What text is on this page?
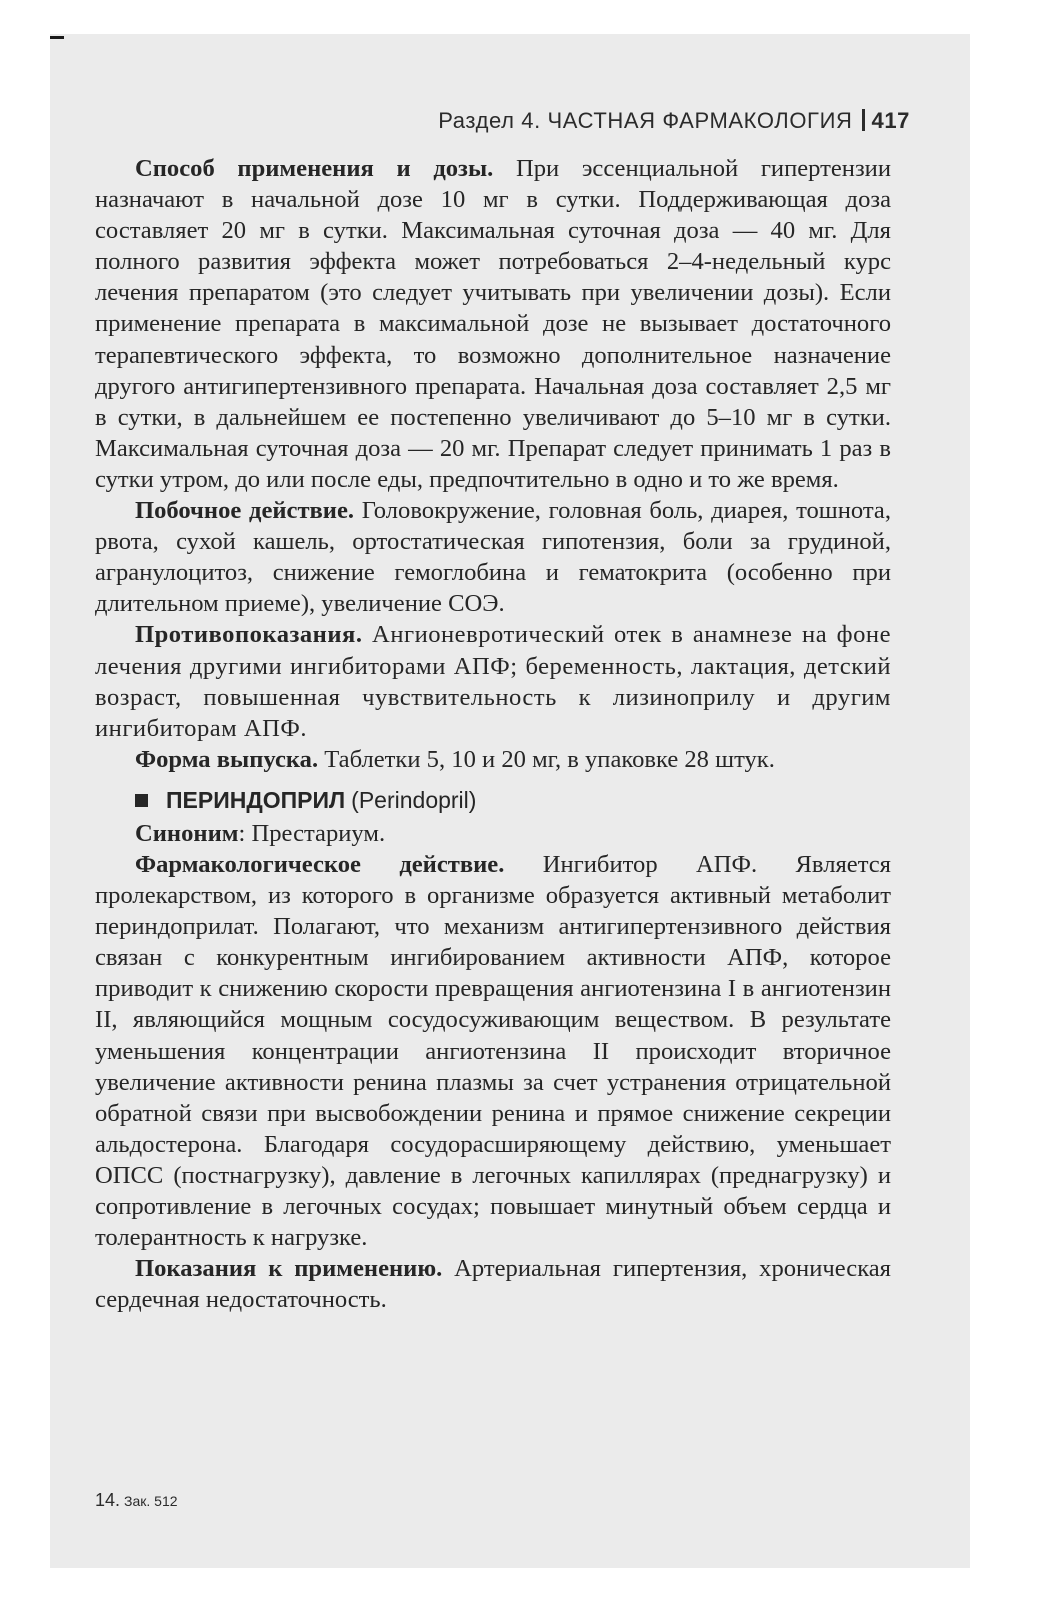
Раздел 4. ЧАСТНАЯ ФАРМАКОЛОГИЯ 417

Способ применения и дозы. При эссенциальной гипертензии назначают в начальной дозе 10 мг в сутки. Поддерживающая доза составляет 20 мг в сутки. Максимальная суточная доза — 40 мг. Для полного развития эффекта может потребоваться 2–4-недельный курс лечения препаратом (это следует учитывать при увеличении дозы). Если применение препарата в максимальной дозе не вызывает достаточного терапевтического эффекта, то возможно дополнительное назначение другого антигипертензивного препарата. Начальная доза составляет 2,5 мг в сутки, в дальнейшем ее постепенно увеличивают до 5–10 мг в сутки. Максимальная суточная доза — 20 мг. Препарат следует принимать 1 раз в сутки утром, до или после еды, предпочтительно в одно и то же время.

Побочное действие. Головокружение, головная боль, диарея, тошнота, рвота, сухой кашель, ортостатическая гипотензия, боли за грудиной, агранулоцитоз, снижение гемоглобина и гематокрита (особенно при длительном приеме), увеличение СОЭ.

Противопоказания. Ангионевротический отек в анамнезе на фоне лечения другими ингибиторами АПФ; беременность, лактация, детский возраст, повышенная чувствительность к лизиноприлу и другим ингибиторам АПФ.

Форма выпуска. Таблетки 5, 10 и 20 мг, в упаковке 28 штук.

ПЕРИНДОПРИЛ (Perindopril)

Синоним: Престариум.

Фармакологическое действие. Ингибитор АПФ. Является пролекарством, из которого в организме образуется активный метаболит периндоприлат. Полагают, что механизм антигипертензивного действия связан с конкурентным ингибированием активности АПФ, которое приводит к снижению скорости превращения ангиотензина I в ангиотензин II, являющийся мощным сосудосуживающим веществом. В результате уменьшения концентрации ангиотензина II происходит вторичное увеличение активности ренина плазмы за счет устранения отрицательной обратной связи при высвобождении ренина и прямое снижение секреции альдостерона. Благодаря сосудорасширяющему действию, уменьшает ОПСС (постнагрузку), давление в легочных капиллярах (преднагрузку) и сопротивление в легочных сосудах; повышает минутный объем сердца и толерантность к нагрузке.

Показания к применению. Артериальная гипертензия, хроническая сердечная недостаточность.

14. Зак. 512
